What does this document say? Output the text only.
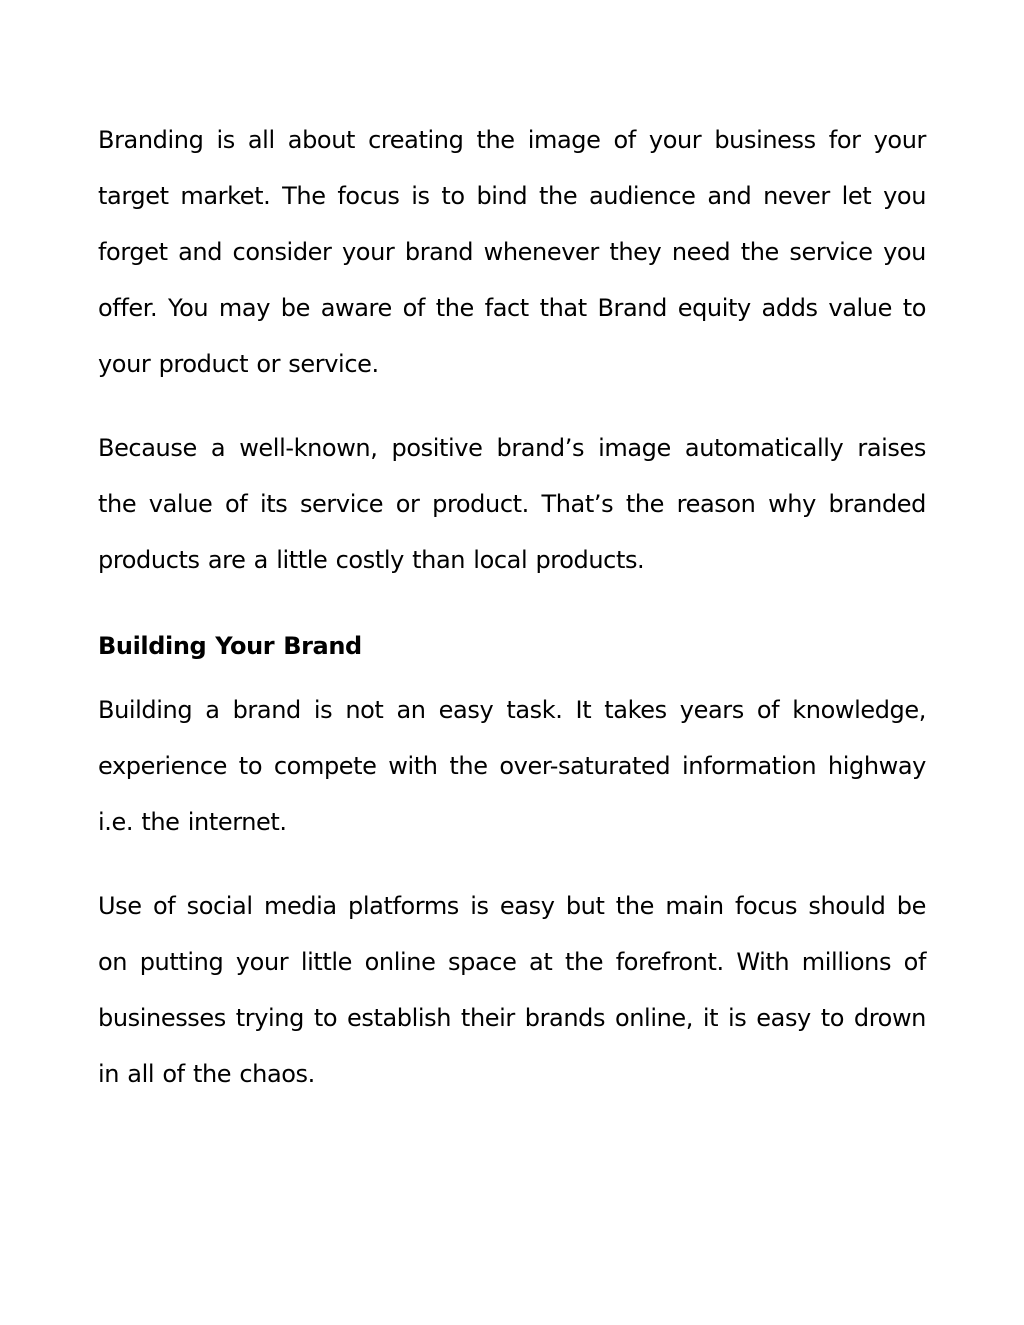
Branding is all about creating the image of your business for your target market. The focus is to bind the audience and never let you forget and consider your brand whenever they need the service you offer. You may be aware of the fact that Brand equity adds value to your product or service.

Because a well-known, positive brand’s image automatically raises the value of its service or product. That’s the reason why branded products are a little costly than local products.

Building Your Brand

Building a brand is not an easy task. It takes years of knowledge, experience to compete with the over-saturated information highway i.e. the internet.

Use of social media platforms is easy but the main focus should be on putting your little online space at the forefront. With millions of businesses trying to establish their brands online, it is easy to drown in all of the chaos.
